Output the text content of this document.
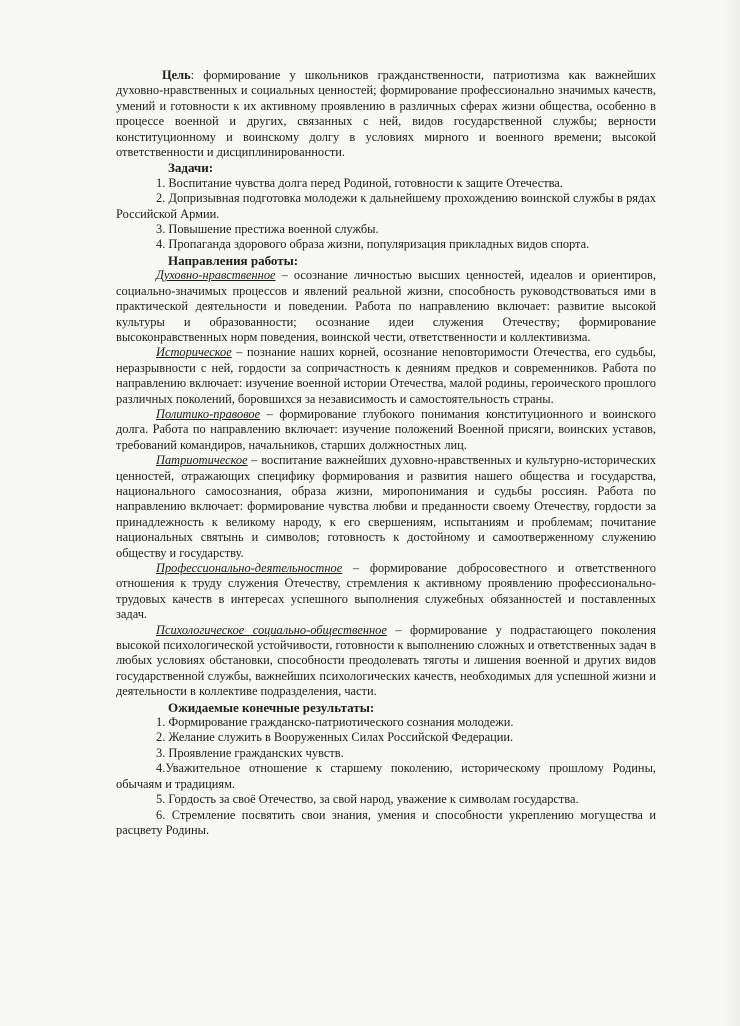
Цель: формирование у школьников гражданственности, патриотизма как важнейших духовно-нравственных и социальных ценностей; формирование профессионально значимых качеств, умений и готовности к их активному проявлению в различных сферах жизни общества, особенно в процессе военной и других, связанных с ней, видов государственной службы; верности конституционному и воинскому долгу в условиях мирного и военного времени; высокой ответственности и дисциплинированности.

Задачи:

1. Воспитание чувства долга перед Родиной, готовности к защите Отечества.

2. Допризывная подготовка молодежи к дальнейшему прохождению воинской службы в рядах Российской Армии.

3. Повышение престижа военной службы.

4. Пропаганда здорового образа жизни, популяризация прикладных видов спорта.

Направления работы:

Духовно-нравственное – осознание личностью высших ценностей, идеалов и ориентиров, социально-значимых процессов и явлений реальной жизни, способность руководствоваться ими в практической деятельности и поведении. Работа по направлению включает: развитие высокой культуры и образованности; осознание идеи служения Отечеству; формирование высоконравственных норм поведения, воинской чести, ответственности и коллективизма.

Историческое – познание наших корней, осознание неповторимости Отечества, его судьбы, неразрывности с ней, гордости за сопричастность к деяниям предков и современников. Работа по направлению включает: изучение военной истории Отечества, малой родины, героического прошлого различных поколений, боровшихся за независимость и самостоятельность страны.

Политико-правовое – формирование глубокого понимания конституционного и воинского долга. Работа по направлению включает: изучение положений Военной присяги, воинских уставов, требований командиров, начальников, старших должностных лиц.

Патриотическое – воспитание важнейших духовно-нравственных и культурно-исторических ценностей, отражающих специфику формирования и развития нашего общества и государства, национального самосознания, образа жизни, миропонимания и судьбы россиян. Работа по направлению включает: формирование чувства любви и преданности своему Отечеству, гордости за принадлежность к великому народу, к его свершениям, испытаниям и проблемам; почитание национальных святынь и символов; готовность к достойному и самоотверженному служению обществу и государству.

Профессионально-деятельностное – формирование добросовестного и ответственного отношения к труду служения Отечеству, стремления к активному проявлению профессионально-трудовых качеств в интересах успешного выполнения служебных обязанностей и поставленных задач.

Психологическое социально-общественное – формирование у подрастающего поколения высокой психологической устойчивости, готовности к выполнению сложных и ответственных задач в любых условиях обстановки, способности преодолевать тяготы и лишения военной и других видов государственной службы, важнейших психологических качеств, необходимых для успешной жизни и деятельности в коллективе подразделения, части.

Ожидаемые конечные результаты:

1. Формирование гражданско-патриотического сознания молодежи.

2. Желание служить в Вооруженных Силах Российской Федерации.

3. Проявление гражданских чувств.

4.Уважительное отношение к старшему поколению, историческому прошлому Родины, обычаям и традициям.

5. Гордость за своё Отечество, за свой народ, уважение к символам государства.

6. Стремление посвятить свои знания, умения и способности укреплению могущества и расцвету Родины.
